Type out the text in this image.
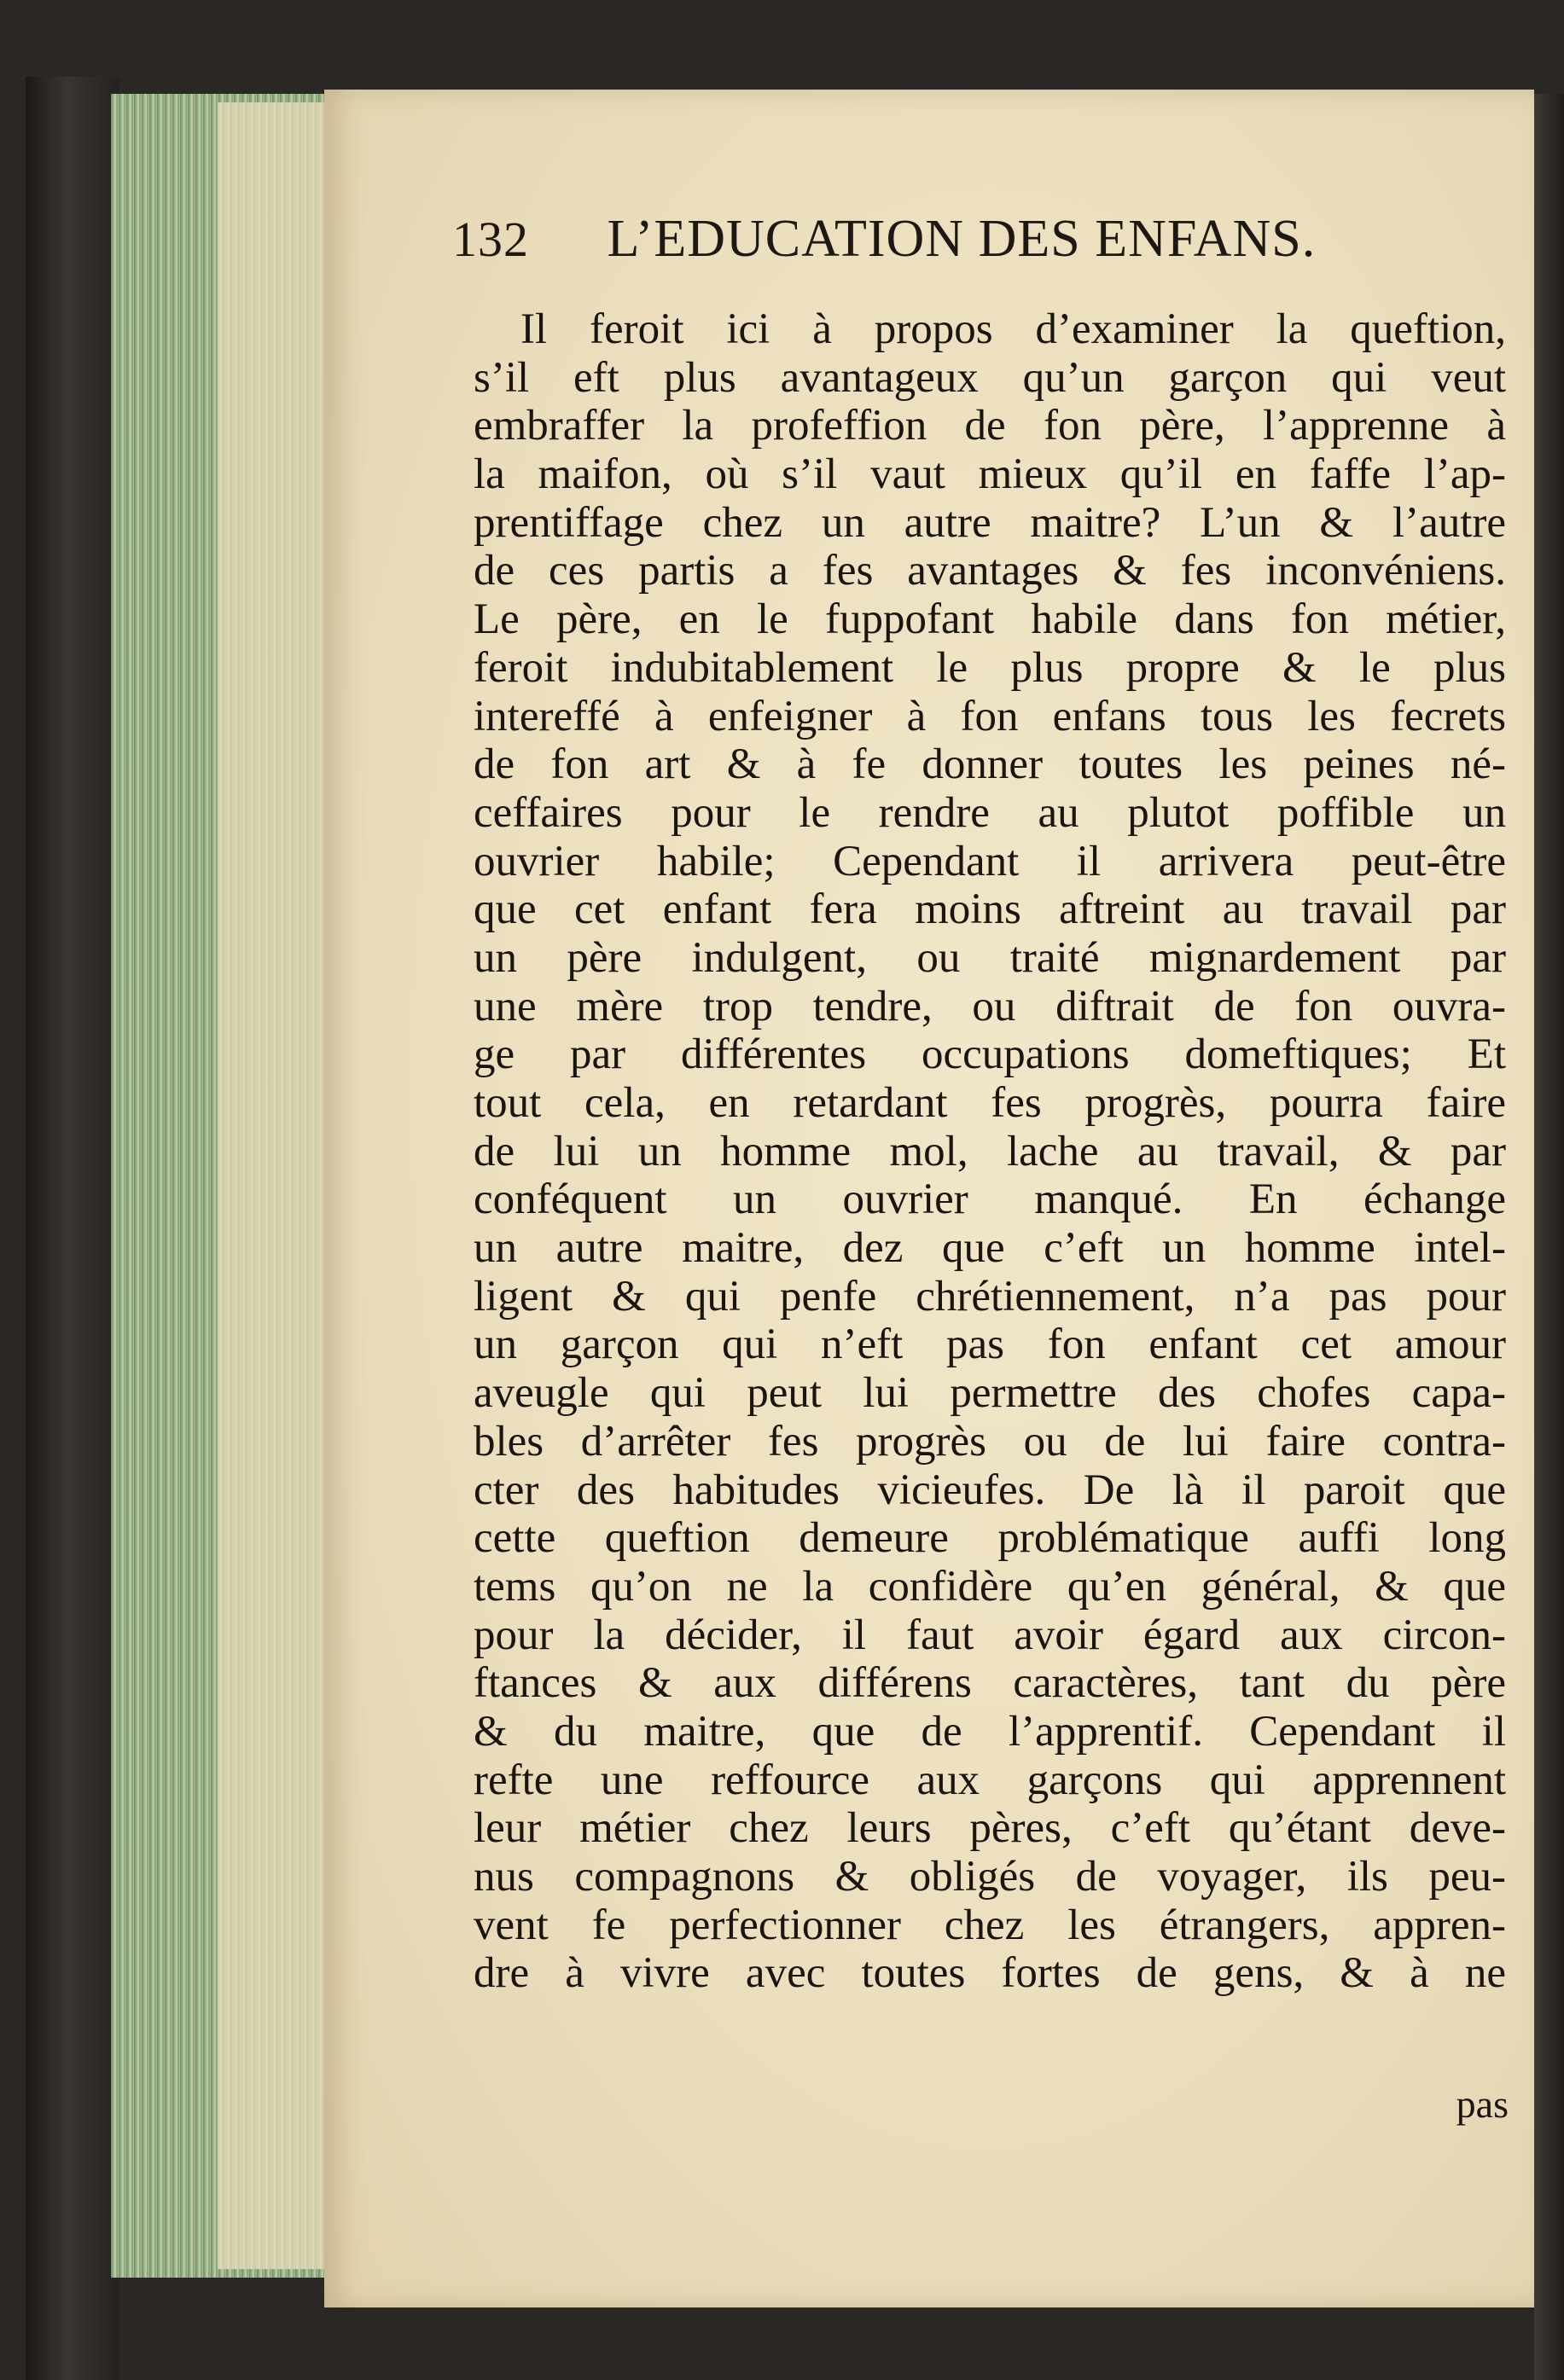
132 L’EDUCATION DES ENFANS.
Il feroit ici à propos d’examiner la queftion,
s’il eft plus avantageux qu’un garçon qui veut
embraffer la profeffion de fon père, l’apprenne à
la maifon, où s’il vaut mieux qu’il en faffe l’ap-
prentiffage chez un autre maitre? L’un & l’autre
de ces partis a fes avantages & fes inconvéniens.
Le père, en le fuppofant habile dans fon métier,
feroit indubitablement le plus propre & le plus
intereffé à enfeigner à fon enfans tous les fecrets
de fon art & à fe donner toutes les peines né-
ceffaires pour le rendre au plutot poffible un
ouvrier habile; Cependant il arrivera peut-être
que cet enfant fera moins aftreint au travail par
un père indulgent, ou traité mignardement par
une mère trop tendre, ou diftrait de fon ouvra-
ge par différentes occupations domeftiques; Et
tout cela, en retardant fes progrès, pourra faire
de lui un homme mol, lache au travail, & par
conféquent un ouvrier manqué. En échange
un autre maitre, dez que c’eft un homme intel-
ligent & qui penfe chrétiennement, n’a pas pour
un garçon qui n’eft pas fon enfant cet amour
aveugle qui peut lui permettre des chofes capa-
bles d’arrêter fes progrès ou de lui faire contra-
cter des habitudes vicieufes. De là il paroit que
cette queftion demeure problématique auffi long
tems qu’on ne la confidère qu’en général, & que
pour la décider, il faut avoir égard aux circon-
ftances & aux différens caractères, tant du père
& du maitre, que de l’apprentif. Cependant il
refte une reffource aux garçons qui apprennent
leur métier chez leurs pères, c’eft qu’étant deve-
nus compagnons & obligés de voyager, ils peu-
vent fe perfectionner chez les étrangers, appren-
dre à vivre avec toutes fortes de gens, & à ne
pas
